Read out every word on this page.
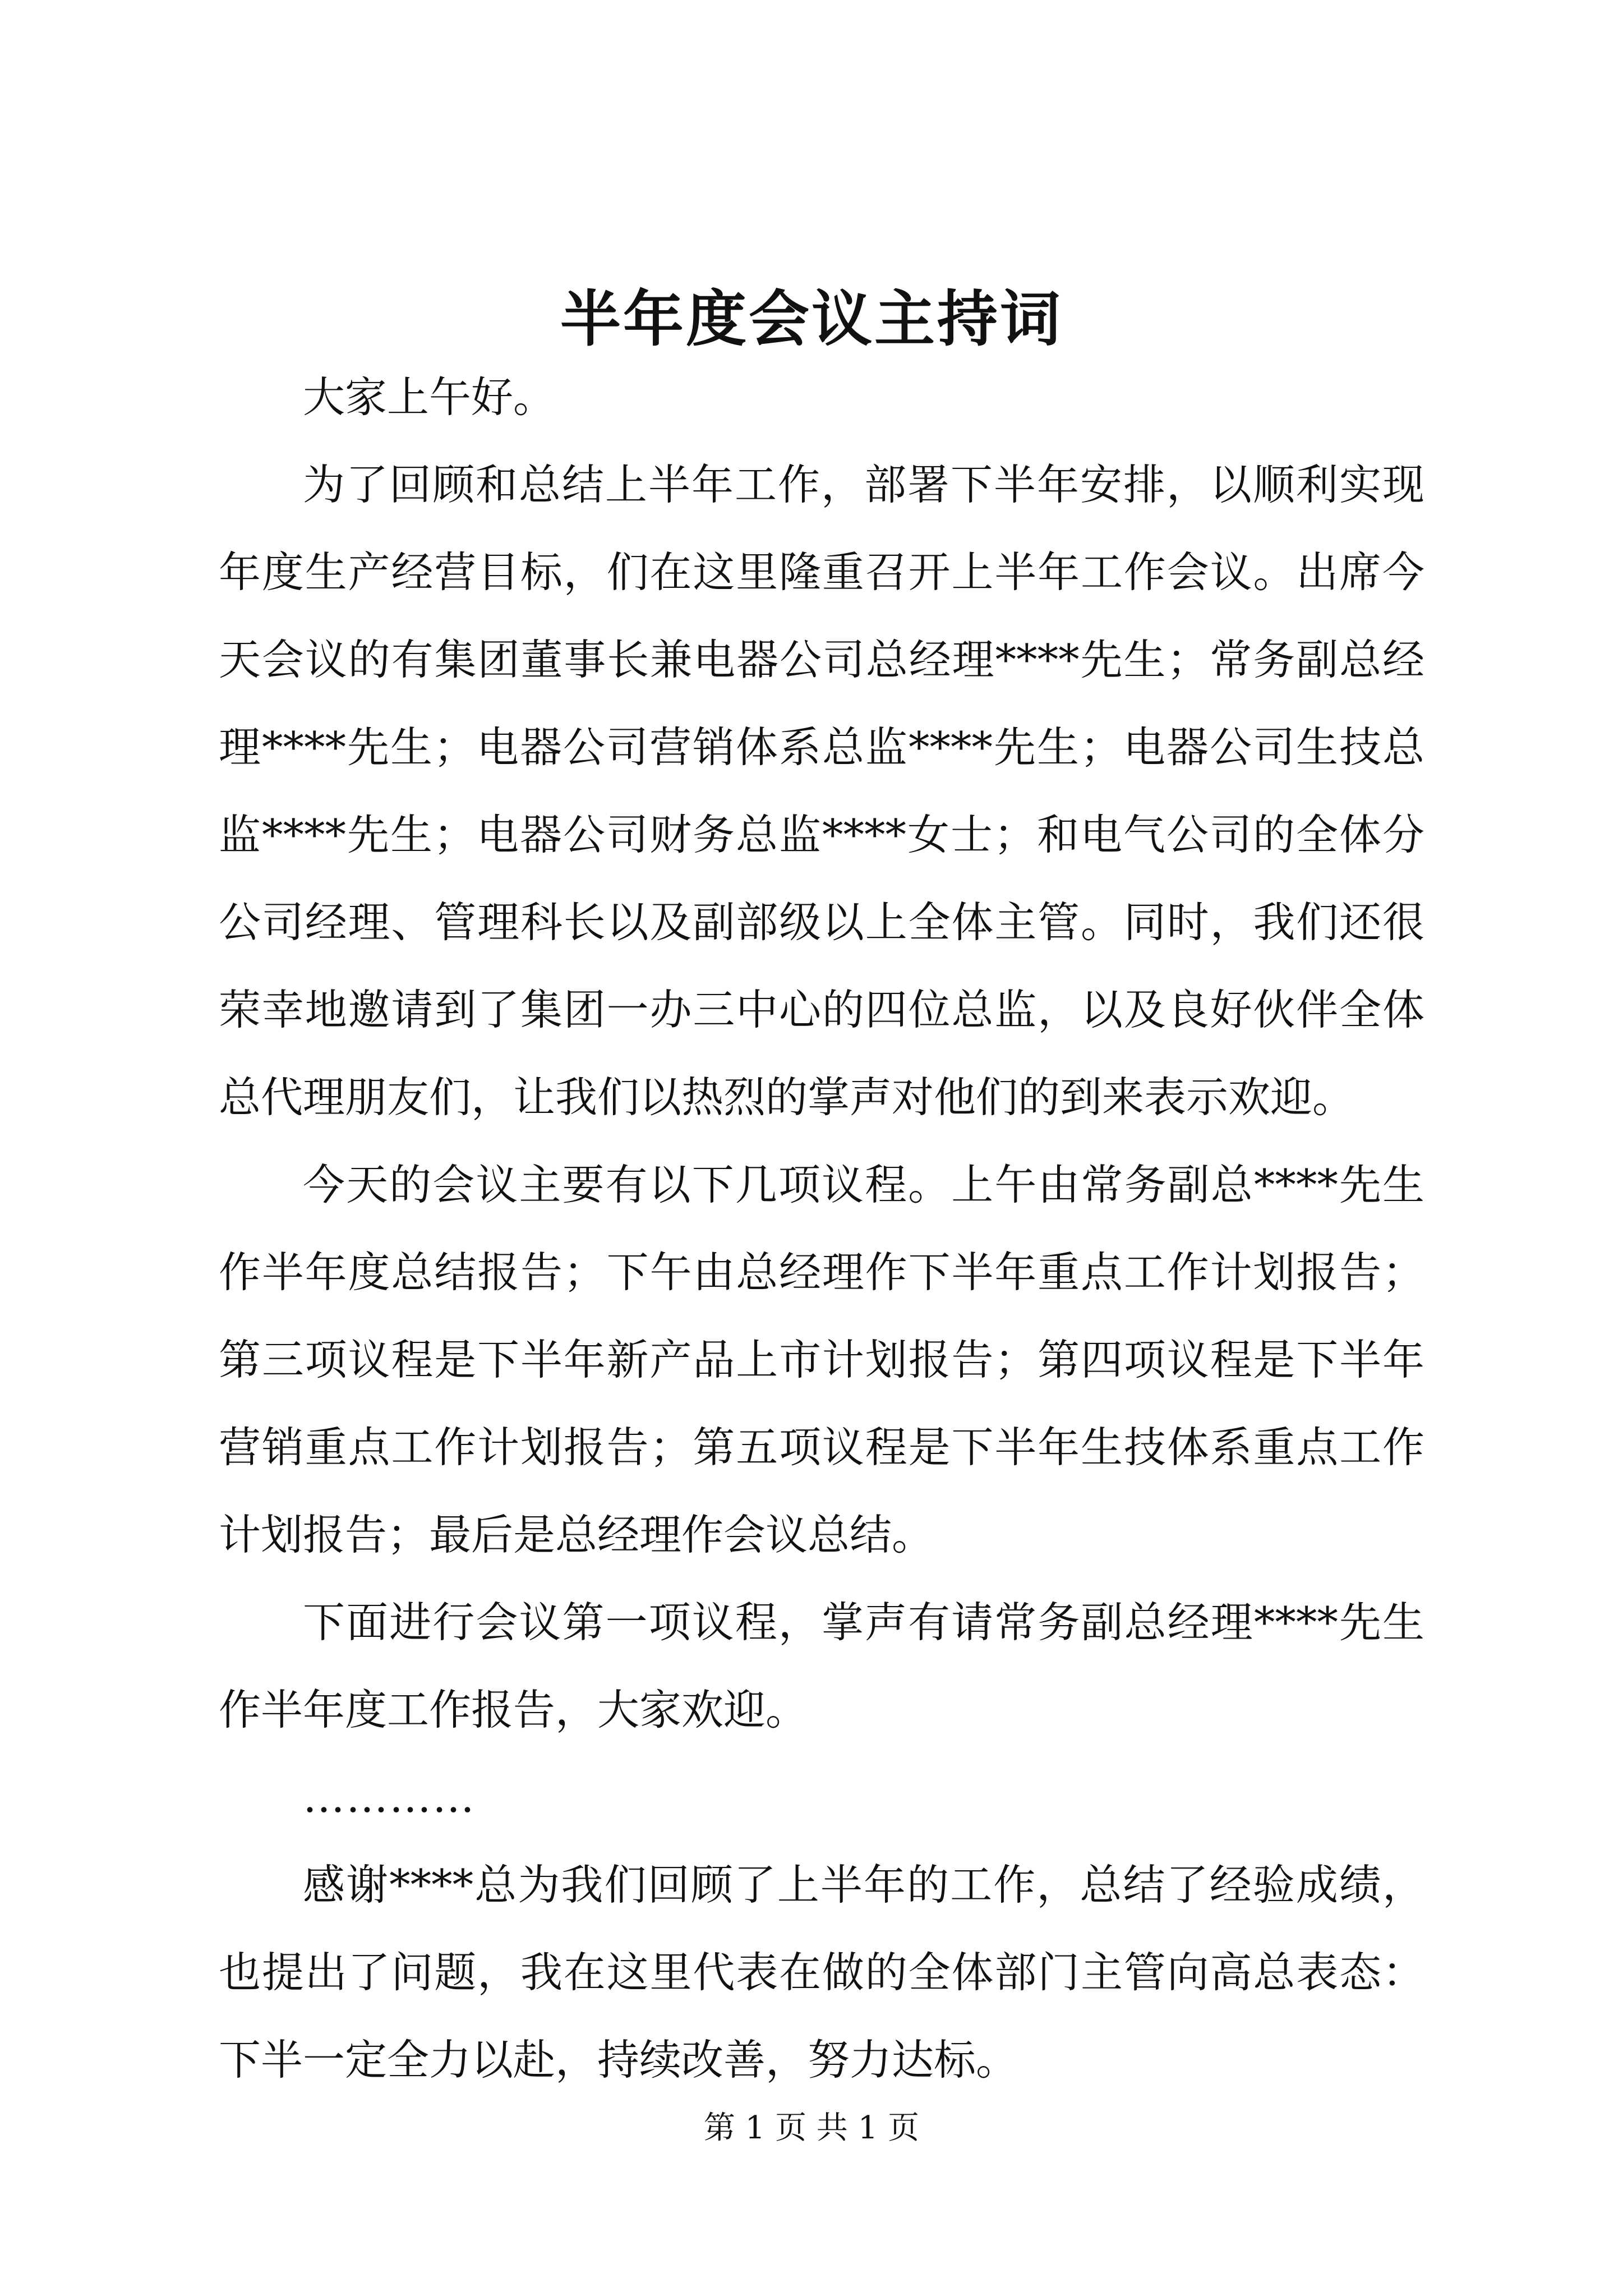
半年度会议主持词

大家上午好。

为了回顾和总结上半年工作，部署下半年安排，以顺利实现年度生产经营目标，们在这里隆重召开上半年工作会议。出席今天会议的有集团董事长兼电器公司总经理****先生；常务副总经理****先生；电器公司营销体系总监****先生；电器公司生技总监****先生；电器公司财务总监****女士；和电气公司的全体分公司经理、管理科长以及副部级以上全体主管。同时，我们还很荣幸地邀请到了集团一办三中心的四位总监，以及良好伙伴全体总代理朋友们，让我们以热烈的掌声对他们的到来表示欢迎。

今天的会议主要有以下几项议程。上午由常务副总****先生作半年度总结报告；下午由总经理作下半年重点工作计划报告；第三项议程是下半年新产品上市计划报告；第四项议程是下半年营销重点工作计划报告；第五项议程是下半年生技体系重点工作计划报告；最后是总经理作会议总结。

下面进行会议第一项议程，掌声有请常务副总经理****先生作半年度工作报告，大家欢迎。

…………

感谢****总为我们回顾了上半年的工作，总结了经验成绩，也提出了问题，我在这里代表在做的全体部门主管向高总表态：下半一定全力以赴，持续改善，努力达标。

第 1 页 共 1 页
